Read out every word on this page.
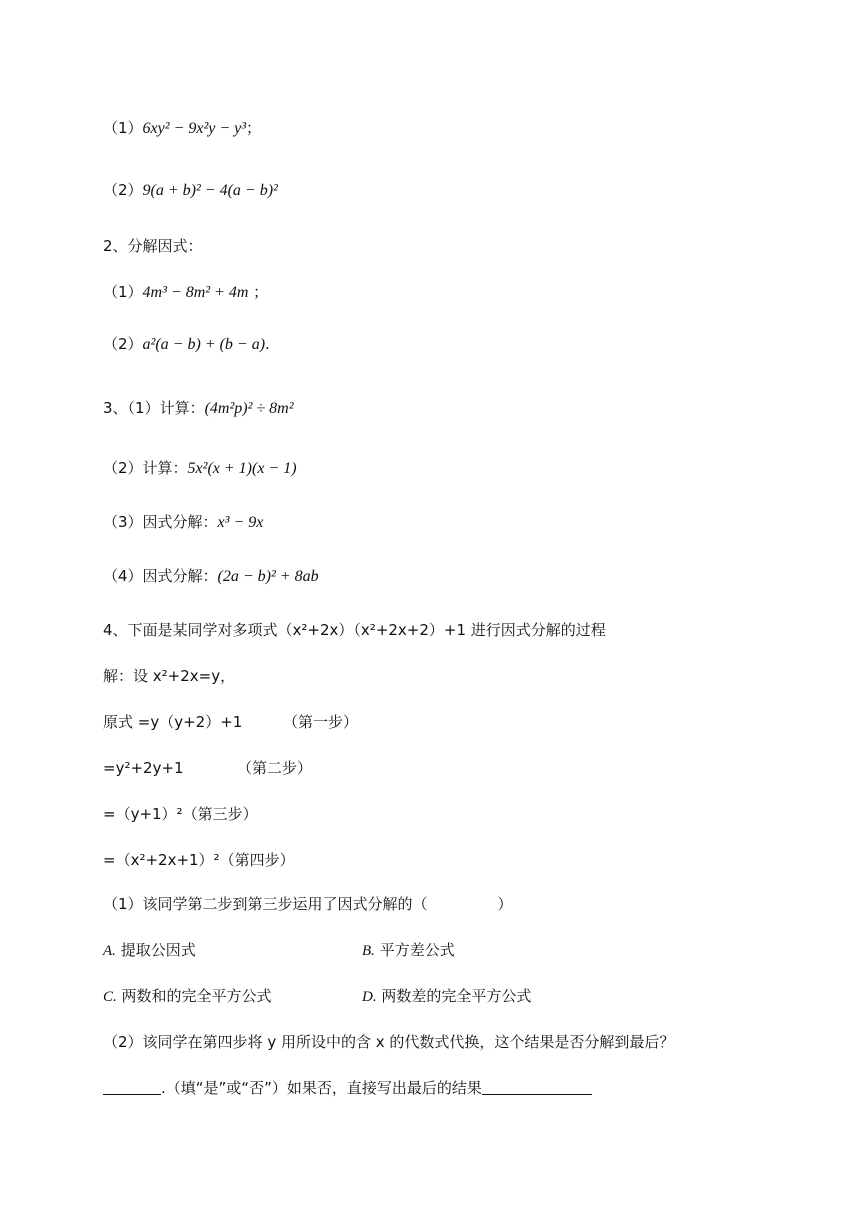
（1）6xy² − 9x²y − y³；
（2）9(a + b)² − 4(a − b)²
2、分解因式：
（1）4m³ − 8m² + 4m ；
（2）a²(a − b) + (b − a).
3、（1）计算：(4m²p)² ÷ 8m²
（2）计算：5x²(x + 1)(x − 1)
（3）因式分解：x³ − 9x
（4）因式分解：(2a − b)² + 8ab
4、下面是某同学对多项式（x²+2x）（x²+2x+2）+1 进行因式分解的过程
解：设 x²+2x=y，
原式 =y（y+2）+1	（第一步）
=y²+2y+1	（第二步）
=（y+1）²（第三步）
=（x²+2x+1）²（第四步）
（1）该同学第二步到第三步运用了因式分解的（	）
A. 提取公因式	B. 平方差公式
C. 两数和的完全平方公式	D. 两数差的完全平方公式
（2）该同学在第四步将 y 用所设中的含 x 的代数式代换，这个结果是否分解到最后？
.（填“是”或“否”）如果否，直接写出最后的结果
